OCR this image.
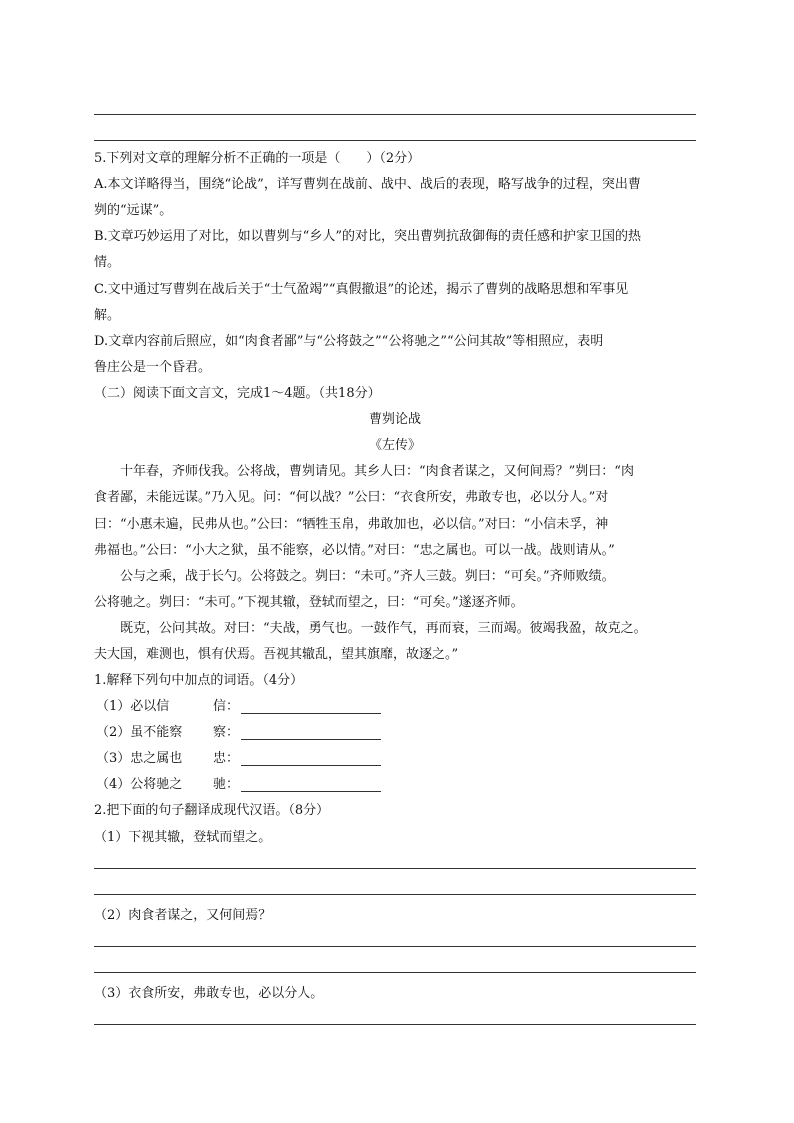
5.下列对文章的理解分析不正确的一项是（　　）（2分）
A.本文详略得当，围绕“论战”，详写曹刿在战前、战中、战后的表现，略写战争的过程，突出曹
刿的“远谋”。
B.文章巧妙运用了对比，如以曹刿与“乡人”的对比，突出曹刿抗敌御侮的责任感和护家卫国的热
情。
C.文中通过写曹刿在战后关于“士气盈竭”“真假撤退”的论述，揭示了曹刿的战略思想和军事见
解。
D.文章内容前后照应，如“肉食者鄙”与“公将鼓之”“公将驰之”“公问其故”等相照应，表明
鲁庄公是一个昏君。
（二）阅读下面文言文，完成1～4题。（共18分）
曹刿论战
《左传》
十年春，齐师伐我。公将战，曹刿请见。其乡人曰：“肉食者谋之，又何间焉？”刿曰：“肉
食者鄙，未能远谋。”乃入见。问：“何以战？”公曰：“衣食所安，弗敢专也，必以分人。”对
曰：“小惠未遍，民弗从也。”公曰：“牺牲玉帛，弗敢加也，必以信。”对曰：“小信未孚，神
弗福也。”公曰：“小大之狱，虽不能察，必以情。”对曰：“忠之属也。可以一战。战则请从。”
公与之乘，战于长勺。公将鼓之。刿曰：“未可。”齐人三鼓。刿曰：“可矣。”齐师败绩。
公将驰之。刿曰：“未可。”下视其辙，登轼而望之，曰：“可矣。”遂逐齐师。
既克，公问其故。对曰：“夫战，勇气也。一鼓作气，再而衰，三而竭。彼竭我盈，故克之。
夫大国，难测也，惧有伏焉。吾视其辙乱，望其旗靡，故逐之。”
1.解释下列句中加点的词语。（4分）
（1）必以信	信：
（2）虽不能察 察：
（3）忠之属也 忠：
（4）公将驰之 驰：
2.把下面的句子翻译成现代汉语。（8分）
（1）下视其辙，登轼而望之。
（2）肉食者谋之，又何间焉？
（3）衣食所安，弗敢专也，必以分人。
